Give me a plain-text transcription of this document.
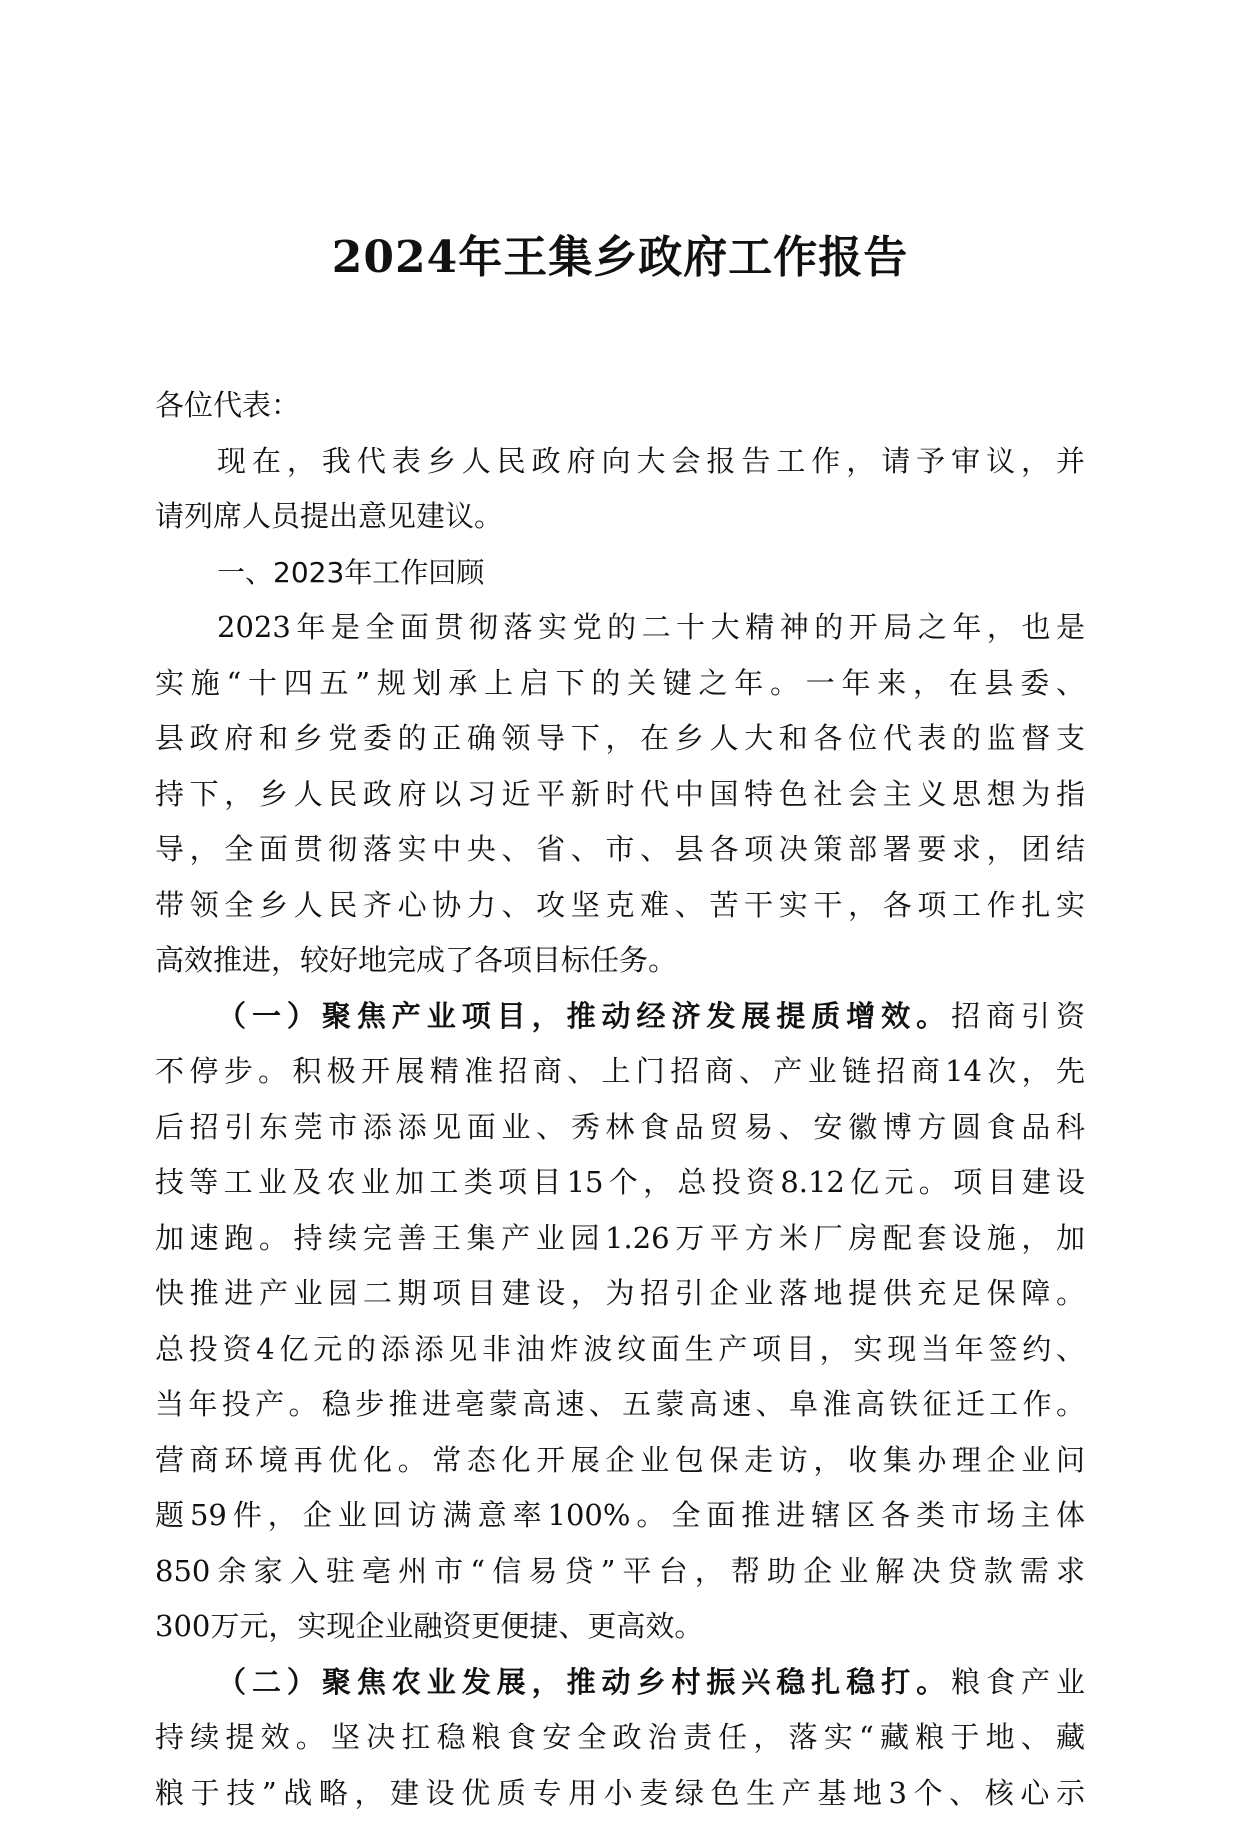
2024年王集乡政府工作报告
各位代表：
现在，我代表乡人民政府向大会报告工作，请予审议，并
请列席人员提出意见建议。
一、2023年工作回顾
2023年是全面贯彻落实党的二十大精神的开局之年，也是
实施“十四五”规划承上启下的关键之年。一年来，在县委、
县政府和乡党委的正确领导下，在乡人大和各位代表的监督支
持下，乡人民政府以习近平新时代中国特色社会主义思想为指
导，全面贯彻落实中央、省、市、县各项决策部署要求，团结
带领全乡人民齐心协力、攻坚克难、苦干实干，各项工作扎实
高效推进，较好地完成了各项目标任务。
（一）聚焦产业项目，推动经济发展提质增效。招商引资
不停步。积极开展精准招商、上门招商、产业链招商14次，先
后招引东莞市添添见面业、秀林食品贸易、安徽博方圆食品科
技等工业及农业加工类项目15个，总投资8.12亿元。项目建设
加速跑。持续完善王集产业园1.26万平方米厂房配套设施，加
快推进产业园二期项目建设，为招引企业落地提供充足保障。
总投资4亿元的添添见非油炸波纹面生产项目，实现当年签约、
当年投产。稳步推进亳蒙高速、五蒙高速、阜淮高铁征迁工作。
营商环境再优化。常态化开展企业包保走访，收集办理企业问
题59件，企业回访满意率100%。全面推进辖区各类市场主体
850余家入驻亳州市“信易贷”平台，帮助企业解决贷款需求
300万元，实现企业融资更便捷、更高效。
（二）聚焦农业发展，推动乡村振兴稳扎稳打。粮食产业
持续提效。坚决扛稳粮食安全政治责任，落实“藏粮于地、藏
粮于技”战略，建设优质专用小麦绿色生产基地3个、核心示
